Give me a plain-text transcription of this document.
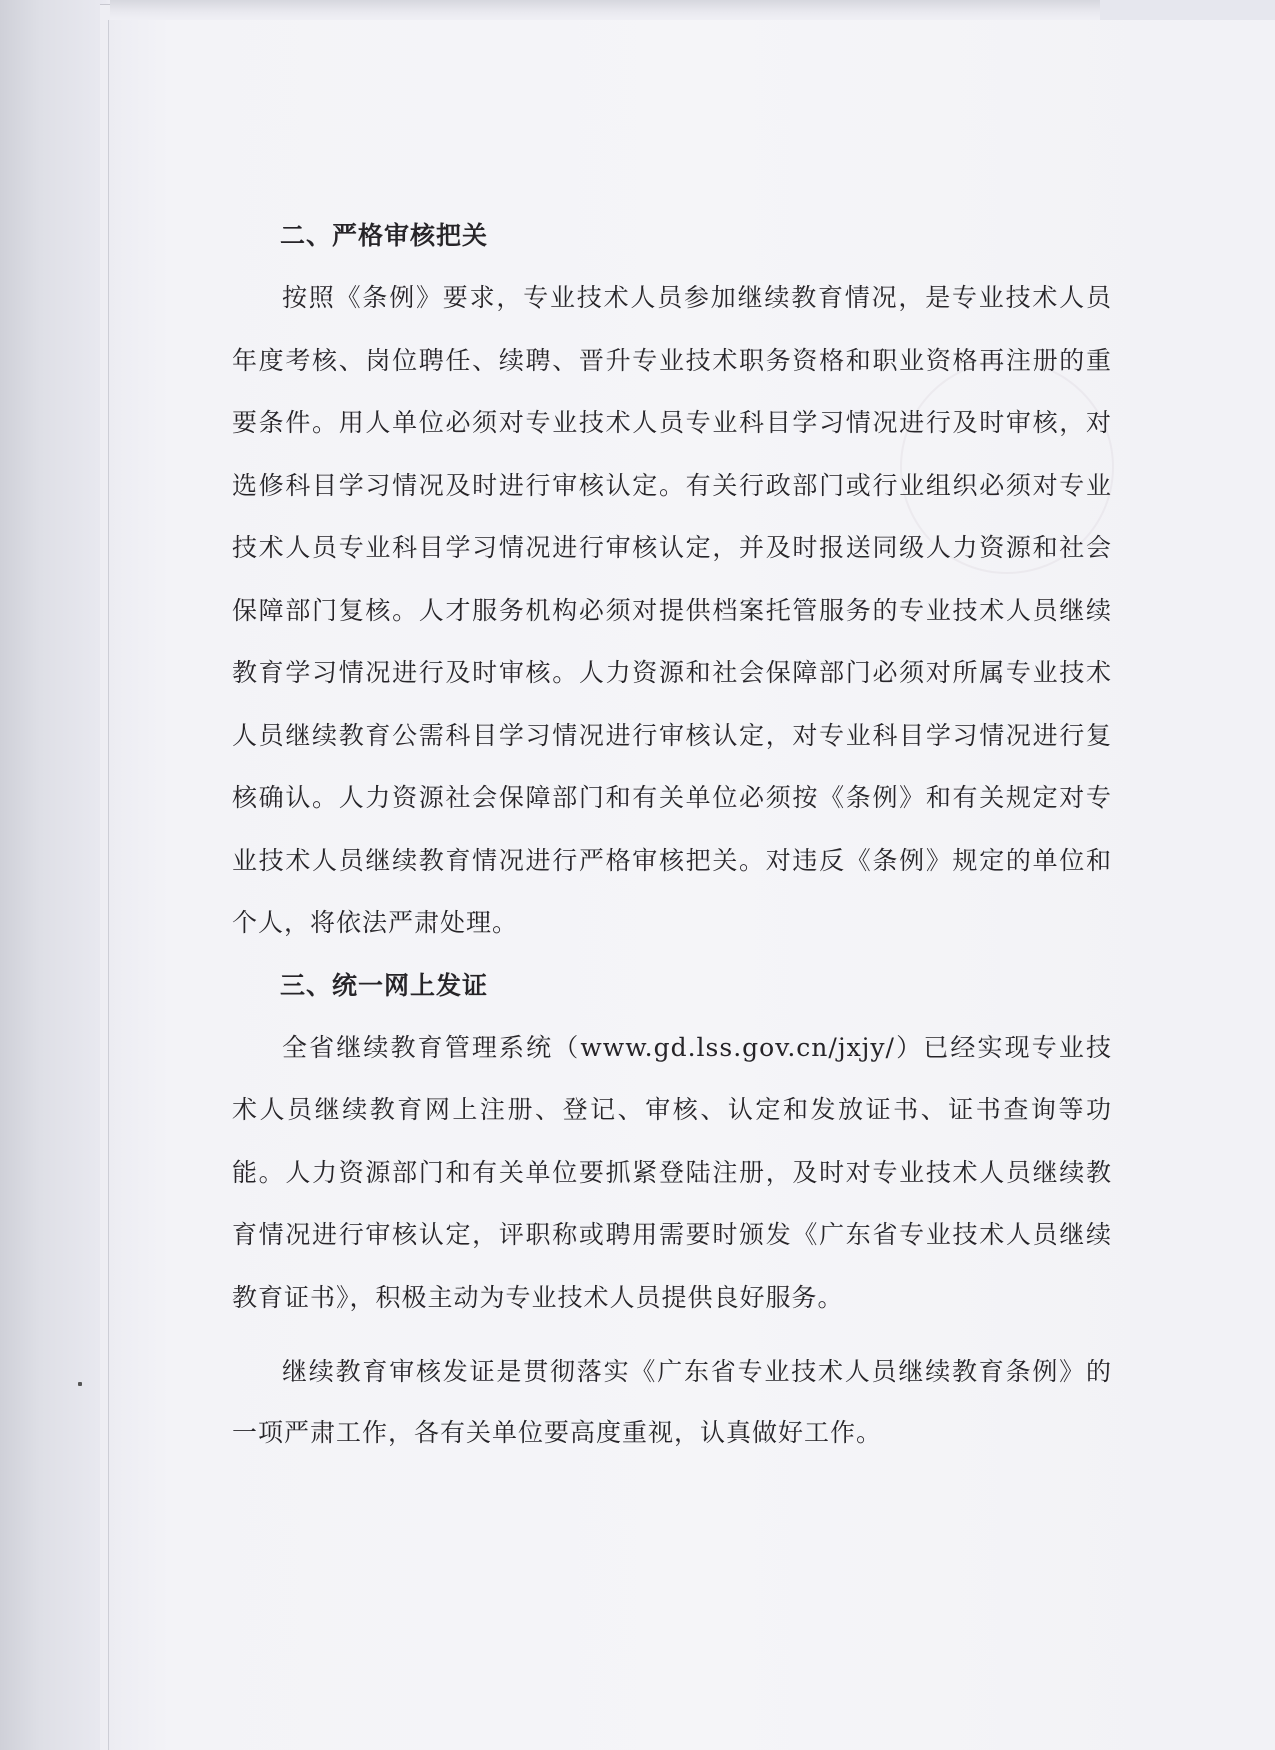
二、严格审核把关

按照《条例》要求，专业技术人员参加继续教育情况，是专业技术人员年度考核、岗位聘任、续聘、晋升专业技术职务资格和职业资格再注册的重要条件。用人单位必须对专业技术人员专业科目学习情况进行及时审核，对选修科目学习情况及时进行审核认定。有关行政部门或行业组织必须对专业技术人员专业科目学习情况进行审核认定，并及时报送同级人力资源和社会保障部门复核。人才服务机构必须对提供档案托管服务的专业技术人员继续教育学习情况进行及时审核。人力资源和社会保障部门必须对所属专业技术人员继续教育公需科目学习情况进行审核认定，对专业科目学习情况进行复核确认。人力资源社会保障部门和有关单位必须按《条例》和有关规定对专业技术人员继续教育情况进行严格审核把关。对违反《条例》规定的单位和个人，将依法严肃处理。

三、统一网上发证

全省继续教育管理系统（www.gd.lss.gov.cn/jxjy/）已经实现专业技术人员继续教育网上注册、登记、审核、认定和发放证书、证书查询等功能。人力资源部门和有关单位要抓紧登陆注册，及时对专业技术人员继续教育情况进行审核认定，评职称或聘用需要时颁发《广东省专业技术人员继续教育证书》，积极主动为专业技术人员提供良好服务。

继续教育审核发证是贯彻落实《广东省专业技术人员继续教育条例》的一项严肃工作，各有关单位要高度重视，认真做好工作。
